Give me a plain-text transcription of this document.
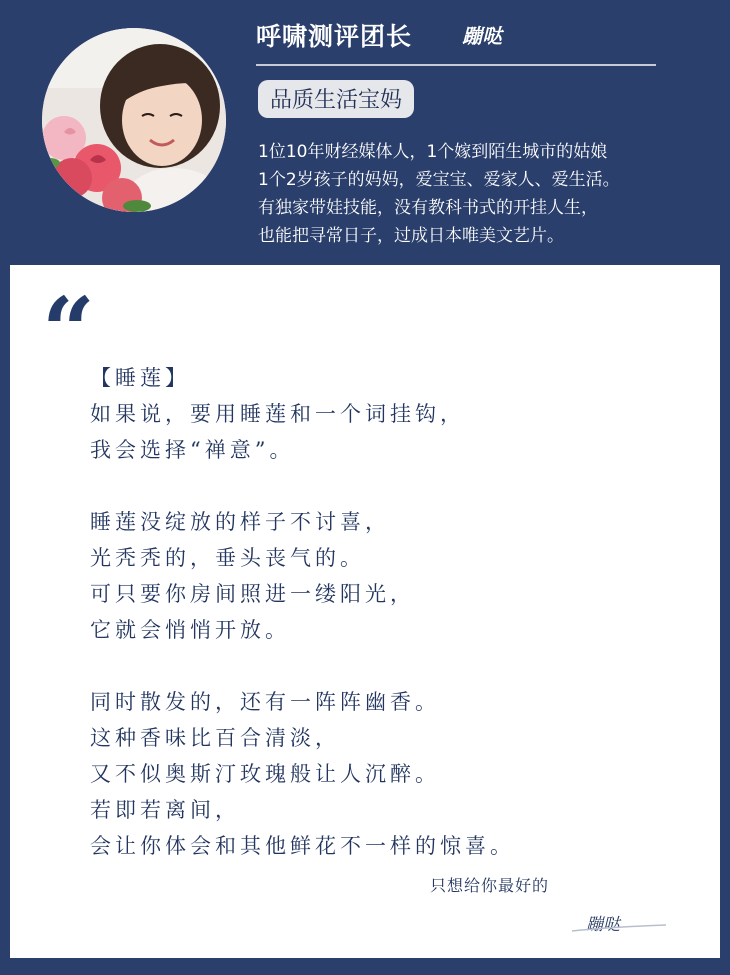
呼啸测评团长 蹦哒
品质生活宝妈
1位10年财经媒体人，1个嫁到陌生城市的姑娘
1个2岁孩子的妈妈，爱宝宝、爱家人、爱生活。
有独家带娃技能，没有教科书式的开挂人生，
也能把寻常日子，过成日本唯美文艺片。
“
【睡莲】
如果说，要用睡莲和一个词挂钩，
我会选择“禅意”。
睡莲没绽放的样子不讨喜，
光秃秃的，垂头丧气的。
可只要你房间照进一缕阳光，
它就会悄悄开放。
同时散发的，还有一阵阵幽香。
这种香味比百合清淡，
又不似奥斯汀玫瑰般让人沉醉。
若即若离间，
会让你体会和其他鲜花不一样的惊喜。
只想给你最好的
蹦哒
